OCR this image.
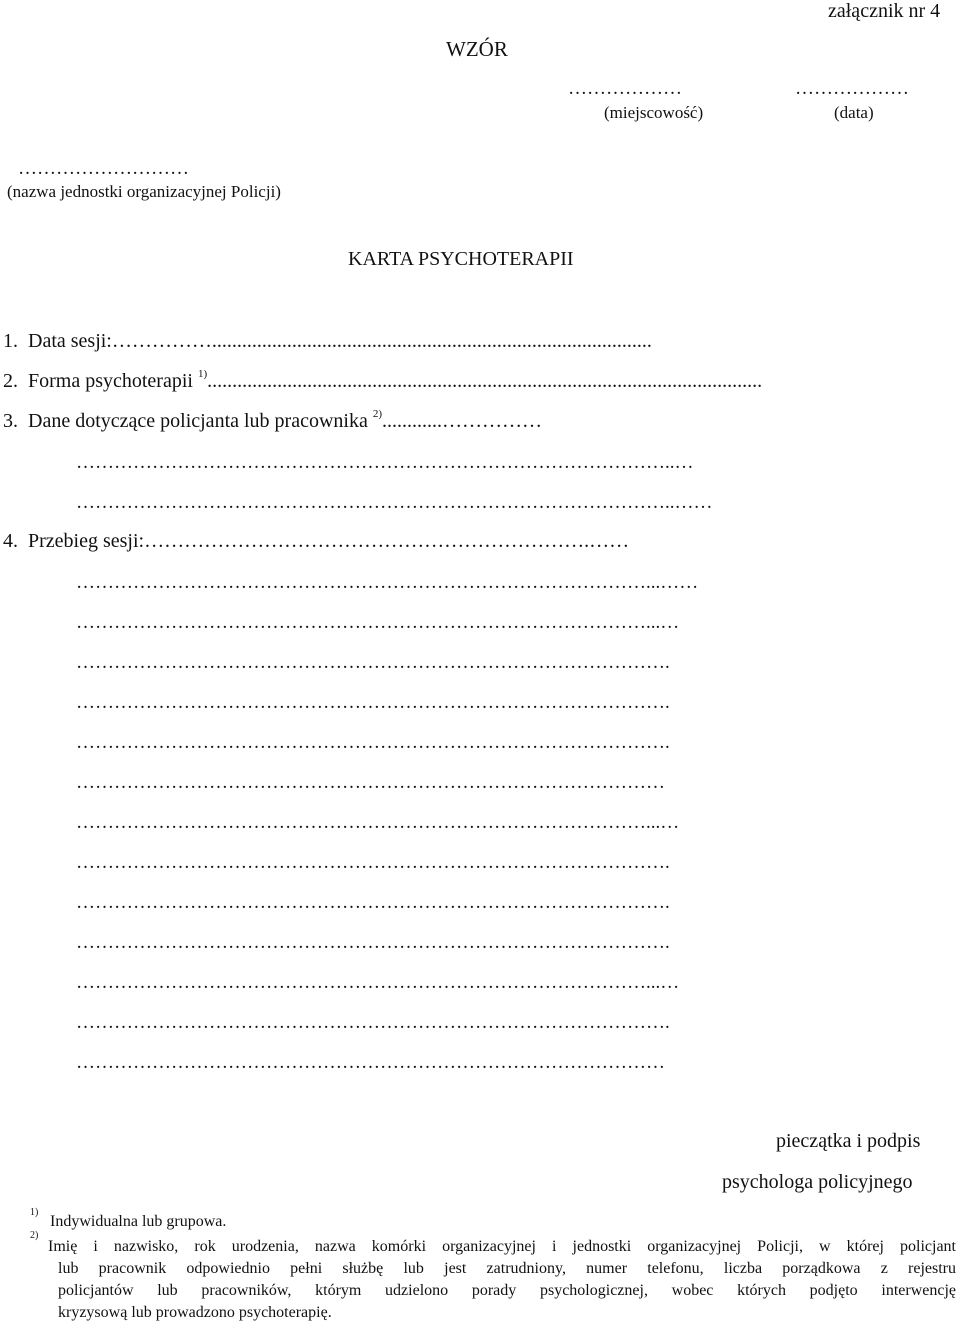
załącznik nr 4
WZÓR
………………	………………
(miejscowość)	(data)
………………………
(nazwa jednostki organizacyjnej Policji)
KARTA PSYCHOTERAPII
1. Data sesji:……………........................................................................................
2. Forma psychoterapii $^{1)}$...............................................................................................................
3. Dane dotyczące policjanta lub pracownika $^{2)}$............……………
…………………………………………………………………………………..…
…………………………………………………………………………………..……
4. Przebieg sesji:………………………………………………………….……
………………………………………………………………………………...……
………………………………………………………………………………...…
………………………………………………………………………………….
………………………………………………………………………………….
………………………………………………………………………………….
…………………………………………………………………………………
………………………………………………………………………………...…
………………………………………………………………………………….
………………………………………………………………………………….
………………………………………………………………………………….
………………………………………………………………………………...…
………………………………………………………………………………….
…………………………………………………………………………………
pieczątka i podpis
psychologa policyjnego
1)
Indywidualna lub grupowa.
2)
Imię i nazwisko, rok urodzenia, nazwa komórki organizacyjnej i jednostki organizacyjnej Policji, w której policjant
lub pracownik odpowiednio pełni służbę lub jest zatrudniony, numer telefonu, liczba porządkowa z rejestru
policjantów lub pracowników, którym udzielono porady psychologicznej, wobec których podjęto interwencję
kryzysową lub prowadzono psychoterapię.
